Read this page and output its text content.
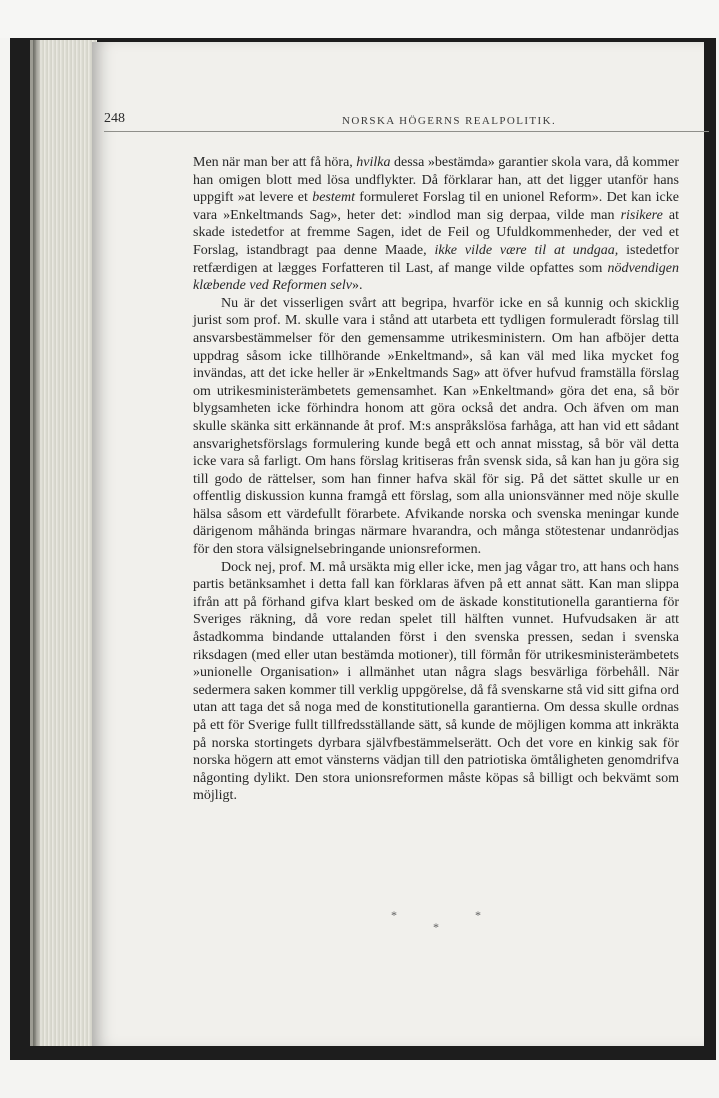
248	NORSKA HÖGERNS REALPOLITIK.

Men när man ber att få höra, hvilka dessa »bestämda» garantier skola vara, då kommer han omigen blott med lösa undflykter. Då förklarar han, att det ligger utanför hans uppgift »at levere et bestemt formuleret Forslag til en unionel Reform». Det kan icke vara »Enkeltmands Sag», heter det: »indlod man sig derpaa, vilde man risikere at skade istedetfor at fremme Sagen, idet de Feil og Ufuldkommenheder, der ved et Forslag, istandbragt paa denne Maade, ikke vilde være til at undgaa, istedetfor retfærdigen at lægges Forfatteren til Last, af mange vilde opfattes som nödvendigen klæbende ved Reformen selv».

Nu är det visserligen svårt att begripa, hvarför icke en så kunnig och skicklig jurist som prof. M. skulle vara i stånd att utarbeta ett tydligen formuleradt förslag till ansvarsbestämmelser för den gemensamme utrikesministern. Om han afböjer detta uppdrag såsom icke tillhörande »Enkeltmand», så kan väl med lika mycket fog invändas, att det icke heller är »Enkeltmands Sag» att öfver hufvud framställa förslag om utrikesministerämbetets gemensamhet. Kan »Enkeltmand» göra det ena, så bör blygsamheten icke förhindra honom att göra också det andra. Och äfven om man skulle skänka sitt erkännande åt prof. M:s anspråkslösa farhåga, att han vid ett sådant ansvarighetsförslags formulering kunde begå ett och annat misstag, så bör väl detta icke vara så farligt. Om hans förslag kritiseras från svensk sida, så kan han ju göra sig till godo de rättelser, som han finner hafva skäl för sig. På det sättet skulle ur en offentlig diskussion kunna framgå ett förslag, som alla unionsvänner med nöje skulle hälsa såsom ett värdefullt förarbete. Afvikande norska och svenska meningar kunde därigenom måhända bringas närmare hvarandra, och många stötestenar undanrödjas för den stora välsignelsebringande unionsreformen.

Dock nej, prof. M. må ursäkta mig eller icke, men jag vågar tro, att hans och hans partis betänksamhet i detta fall kan förklaras äfven på ett annat sätt. Kan man slippa ifrån att på förhand gifva klart besked om de äskade konstitutionella garantierna för Sveriges räkning, då vore redan spelet till hälften vunnet. Hufvudsaken är att åstadkomma bindande uttalanden först i den svenska pressen, sedan i svenska riksdagen (med eller utan bestämda motioner), till förmån för utrikesministerämbetets »unionelle Organisation» i allmänhet utan några slags besvärliga förbehåll. När sedermera saken kommer till verklig uppgörelse, då få svenskarne stå vid sitt gifna ord utan att taga det så noga med de konstitutionella garantierna. Om dessa skulle ordnas på ett för Sverige fullt tillfredsställande sätt, så kunde de möjligen komma att inkräkta på norska stortingets dyrbara självfbestämmelserätt. Och det vore en kinkig sak för norska högern att emot vänsterns vädjan till den patriotiska ömtåligheten genomdrifva någonting dylikt. Den stora unionsreformen måste köpas så billigt och bekvämt som möjligt.

*
*
*
